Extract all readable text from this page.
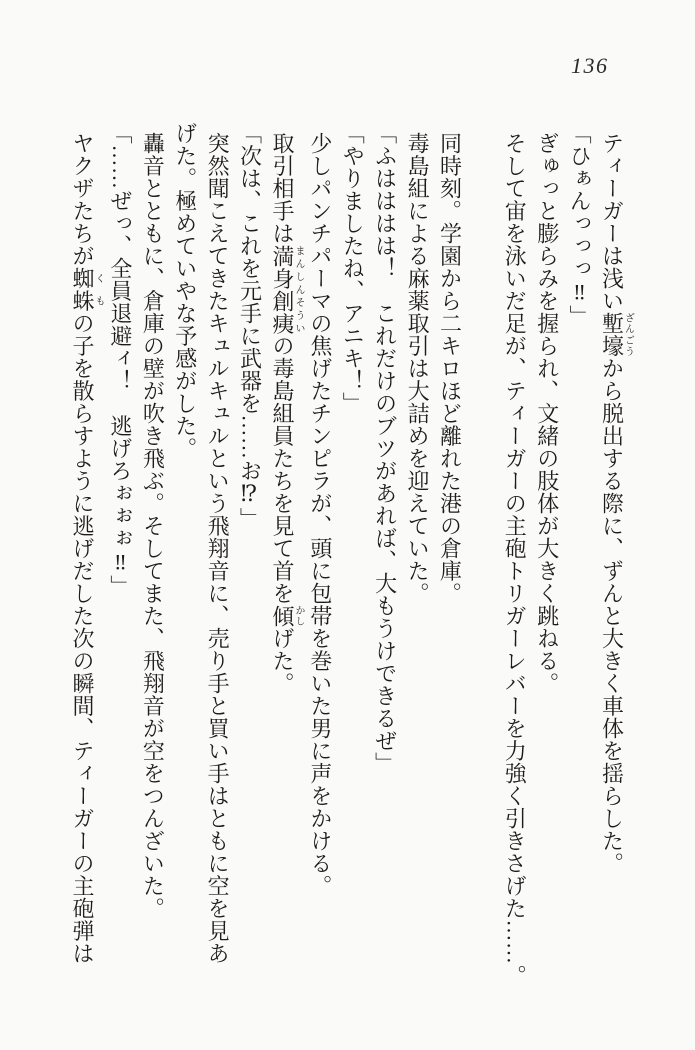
136

ティーガーは浅い塹壕ざんごうから脱出する際に、ずんと大きく車体を揺らした。

「ひぁんっっっ‼」

ぎゅっと膨らみを握られ、文緒の肢体が大きく跳ねる。

そして宙を泳いだ足が、ティーガーの主砲トリガーレバーを力強く引きさげた……。

同時刻。学園から二キロほど離れた港の倉庫。

毒島組による麻薬取引は大詰めを迎えていた。

「ふはははは！　これだけのブツがあれば、大もうけできるぜ」

「やりましたね、アニキ！」

少しパンチパーマの焦げたチンピラが、頭に包帯を巻いた男に声をかける。

取引相手は満身創痍まんしんそういの毒島組員たちを見て首を傾かしげた。

「次は、これを元手に武器を……お⁉」

突然聞こえてきたキュルキュルという飛翔音に、売り手と買い手はともに空を見あ
げた。極めていやな予感がした。

轟音とともに、倉庫の壁が吹き飛ぶ。そしてまた、飛翔音が空をつんざいた。

「……ぜっ、全員退避ィ！　逃げろぉぉぉ‼」

ヤクザたちが蜘蛛くもの子を散らすように逃げだした次の瞬間、ティーガーの主砲弾は
